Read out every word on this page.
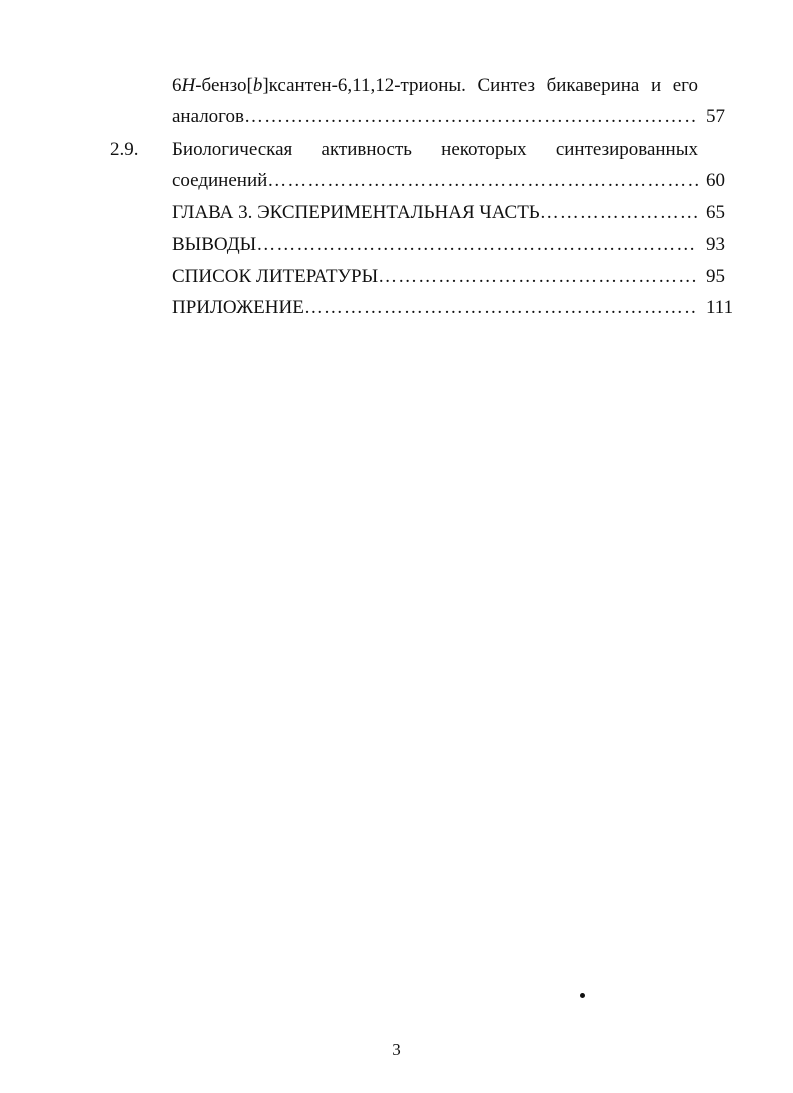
6H-бензо[b]ксантен-6,11,12-трионы. Синтез бикаверина и его
аналогов ……………………………………………………………………………………………………………………………………………………	57
2.9. Биологическая активность некоторых синтезированных
соединений ……………………………………………………………………………………………………………………………………………………	60
ГЛАВА 3. ЭКСПЕРИМЕНТАЛЬНАЯ ЧАСТЬ ……………………………………………………………………………………………………………………………………………………	65
ВЫВОДЫ ……………………………………………………………………………………………………………………………………………………	93
СПИСОК ЛИТЕРАТУРЫ ……………………………………………………………………………………………………………………………………………………	95
ПРИЛОЖЕНИЕ ……………………………………………………………………………………………………………………………………………………	111
3
